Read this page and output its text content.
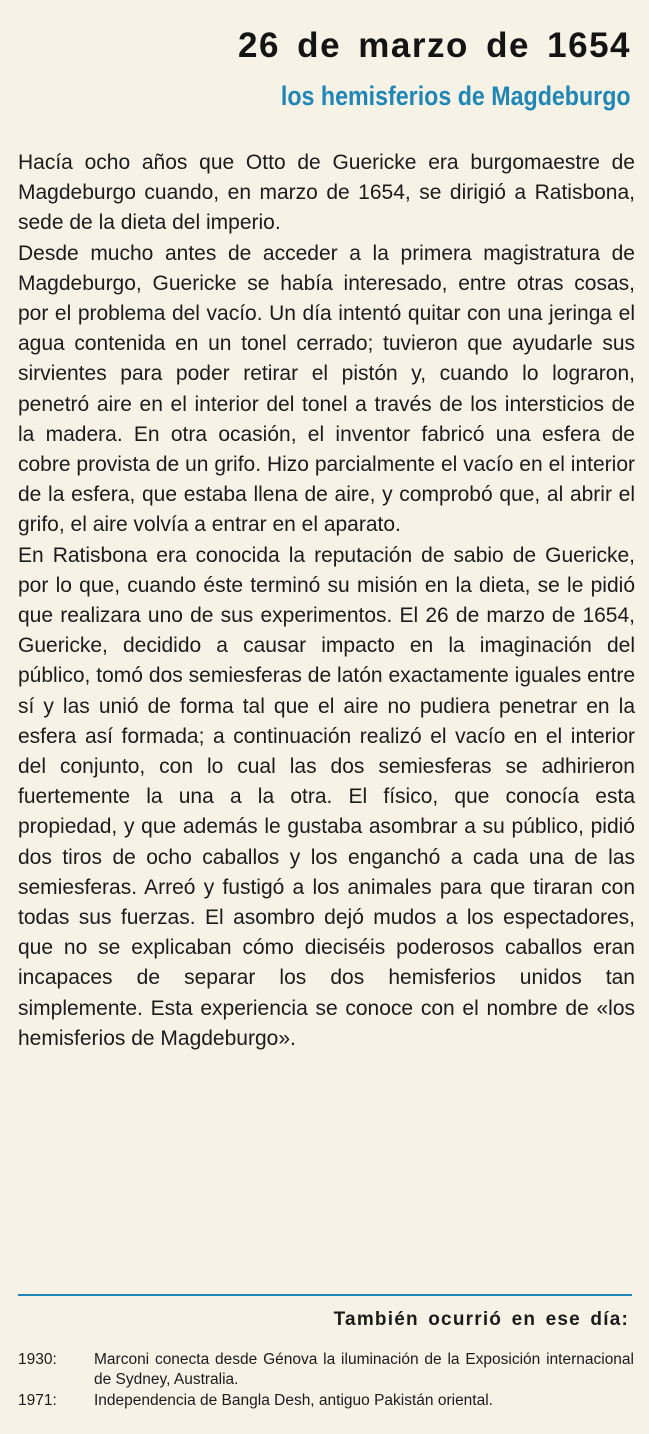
26 de marzo de 1654
los hemisferios de Magdeburgo

Hacía ocho años que Otto de Guericke era burgomaestre de Magdeburgo cuando, en marzo de 1654, se dirigió a Ratisbona, sede de la dieta del imperio.

Desde mucho antes de acceder a la primera magistratura de Magdeburgo, Guericke se había interesado, entre otras cosas, por el problema del vacío. Un día intentó quitar con una jeringa el agua contenida en un tonel cerrado; tuvieron que ayudarle sus sirvientes para poder retirar el pistón y, cuando lo lograron, penetró aire en el interior del tonel a través de los intersticios de la madera. En otra ocasión, el inventor fabricó una esfera de cobre provista de un grifo. Hizo parcialmente el vacío en el interior de la esfera, que estaba llena de aire, y comprobó que, al abrir el grifo, el aire volvía a entrar en el aparato.

En Ratisbona era conocida la reputación de sabio de Guericke, por lo que, cuando éste terminó su misión en la dieta, se le pidió que realizara uno de sus experimentos. El 26 de marzo de 1654, Guericke, decidido a causar impacto en la imaginación del público, tomó dos semiesferas de latón exactamente iguales entre sí y las unió de forma tal que el aire no pudiera penetrar en la esfera así formada; a continuación realizó el vacío en el interior del conjunto, con lo cual las dos semiesferas se adhirieron fuertemente la una a la otra. El físico, que conocía esta propiedad, y que además le gustaba asombrar a su público, pidió dos tiros de ocho caballos y los enganchó a cada una de las semiesferas. Arreó y fustigó a los animales para que tiraran con todas sus fuerzas. El asombro dejó mudos a los espectadores, que no se explicaban cómo dieciséis poderosos caballos eran incapaces de separar los dos hemisferios unidos tan simplemente. Esta experiencia se conoce con el nombre de «los hemisferios de Magdeburgo».

También ocurrió en ese día:
1930:	Marconi conecta desde Génova la iluminación de la Exposición internacional de Sydney, Australia.
1971:	Independencia de Bangla Desh, antiguo Pakistán oriental.
